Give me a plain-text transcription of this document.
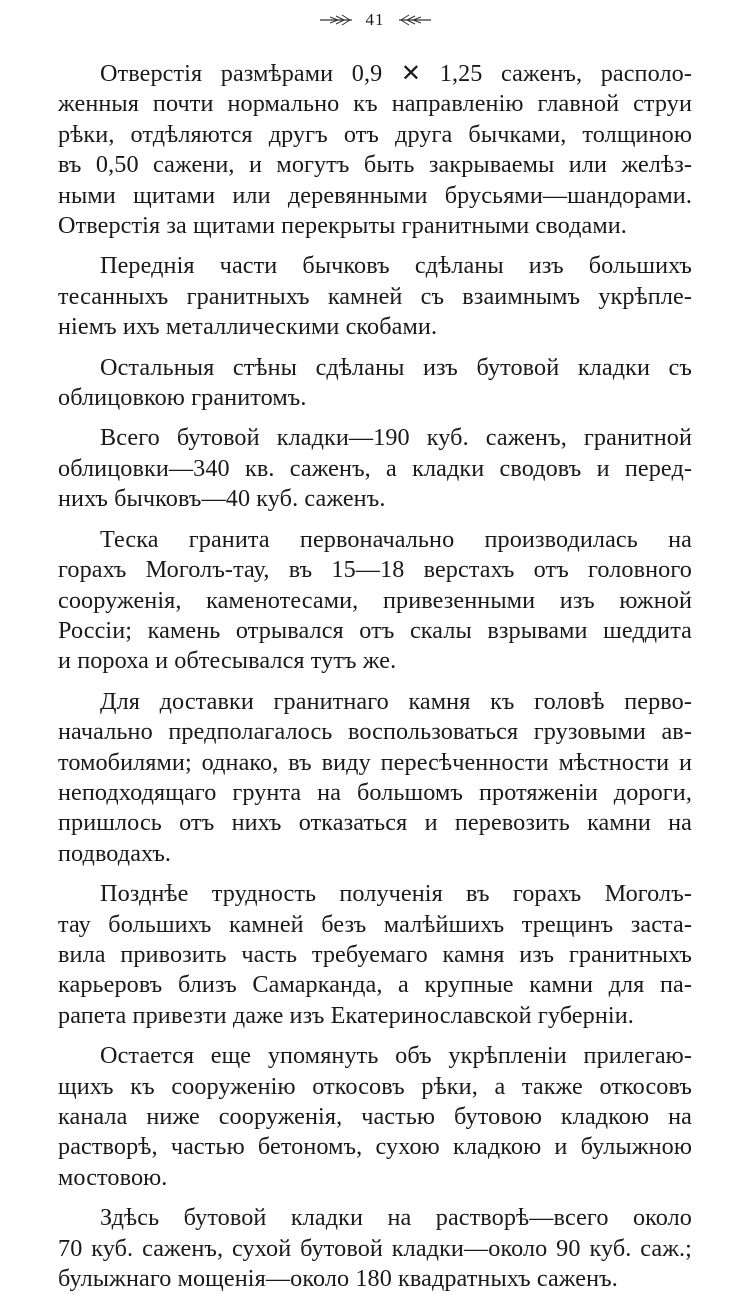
41

Отверстія размѣрами 0,9 ✕ 1,25 саженъ, располо-
женныя почти нормально къ направленію главной струи
рѣки, отдѣляются другъ отъ друга бычками, толщиною
въ 0,50 сажени, и могутъ быть закрываемы или желѣз-
ными щитами или деревянными брусьями—шандорами.
Отверстія за щитами перекрыты гранитными сводами.

Переднія части бычковъ сдѣланы изъ большихъ
тесанныхъ гранитныхъ камней съ взаимнымъ укрѣпле-
ніемъ ихъ металлическими скобами.

Остальныя стѣны сдѣланы изъ бутовой кладки съ
облицовкою гранитомъ.

Всего бутовой кладки—190 куб. саженъ, гранитной
облицовки—340 кв. саженъ, а кладки сводовъ и перед-
нихъ бычковъ—40 куб. саженъ.

Теска гранита первоначально производилась на
горахъ Моголъ-тау, въ 15—18 верстахъ отъ головного
сооруженія, каменотесами, привезенными изъ южной
Россіи; камень отрывался отъ скалы взрывами шеддита
и пороха и обтесывался тутъ же.

Для доставки гранитнаго камня къ головѣ перво-
начально предполагалось воспользоваться грузовыми ав-
томобилями; однако, въ виду пересѣченности мѣстности и
неподходящаго грунта на большомъ протяженіи дороги,
пришлось отъ нихъ отказаться и перевозить камни на
подводахъ.

Позднѣе трудность полученія въ горахъ Моголъ-
тау большихъ камней безъ малѣйшихъ трещинъ заста-
вила привозить часть требуемаго камня изъ гранитныхъ
карьеровъ близъ Самарканда, а крупные камни для па-
рапета привезти даже изъ Екатеринославской губерніи.

Остается еще упомянуть объ укрѣпленіи прилегаю-
щихъ къ сооруженію откосовъ рѣки, а также откосовъ
канала ниже сооруженія, частью бутовою кладкою на
растворѣ, частью бетономъ, сухою кладкою и булыжною
мостовою.

Здѣсь бутовой кладки на растворѣ—всего около
70 куб. саженъ, сухой бутовой кладки—около 90 куб. саж.;
булыжнаго мощенія—около 180 квадратныхъ саженъ.
